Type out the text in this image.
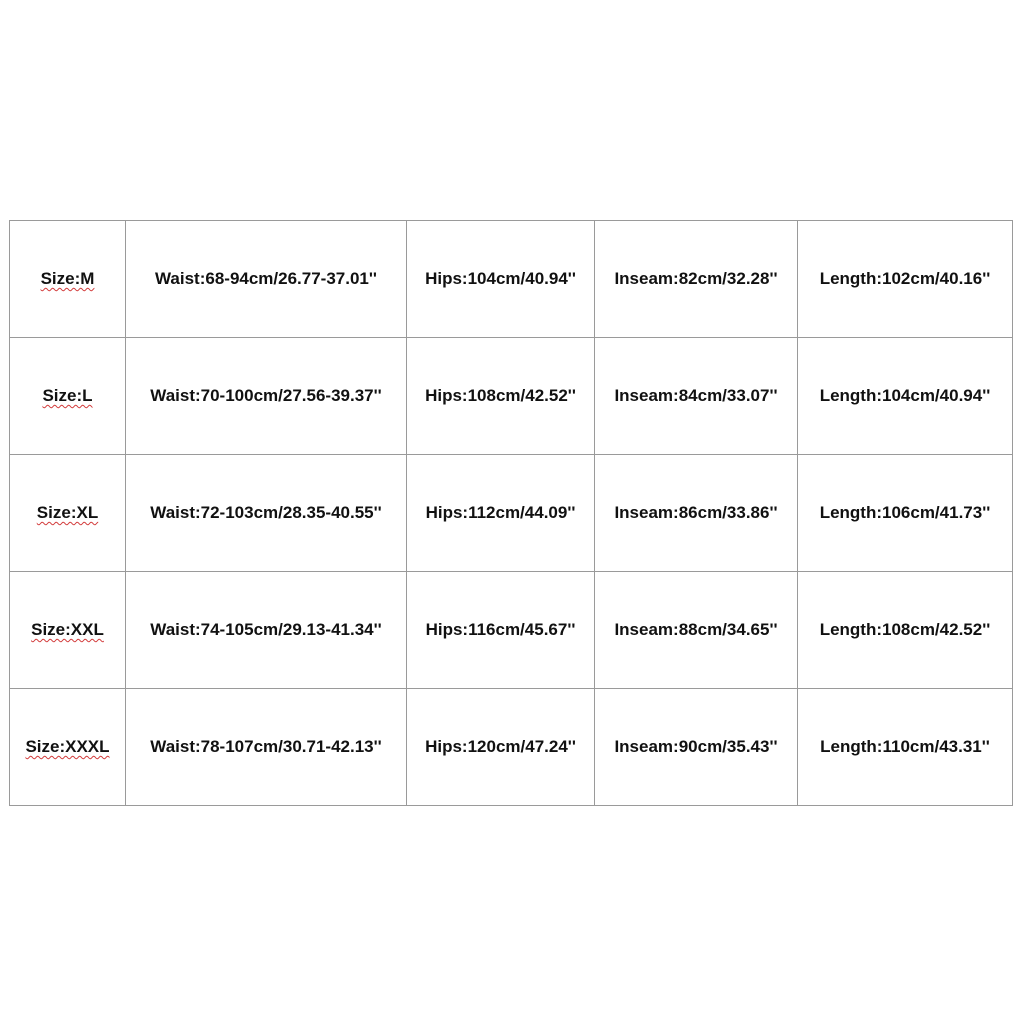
Size:M	Waist:68-94cm/26.77-37.01''	Hips:104cm/40.94''	Inseam:82cm/32.28''	Length:102cm/40.16''
Size:L	Waist:70-100cm/27.56-39.37''	Hips:108cm/42.52''	Inseam:84cm/33.07''	Length:104cm/40.94''
Size:XL	Waist:72-103cm/28.35-40.55''	Hips:112cm/44.09''	Inseam:86cm/33.86''	Length:106cm/41.73''
Size:XXL	Waist:74-105cm/29.13-41.34''	Hips:116cm/45.67''	Inseam:88cm/34.65''	Length:108cm/42.52''
Size:XXXL	Waist:78-107cm/30.71-42.13''	Hips:120cm/47.24''	Inseam:90cm/35.43''	Length:110cm/43.31''
